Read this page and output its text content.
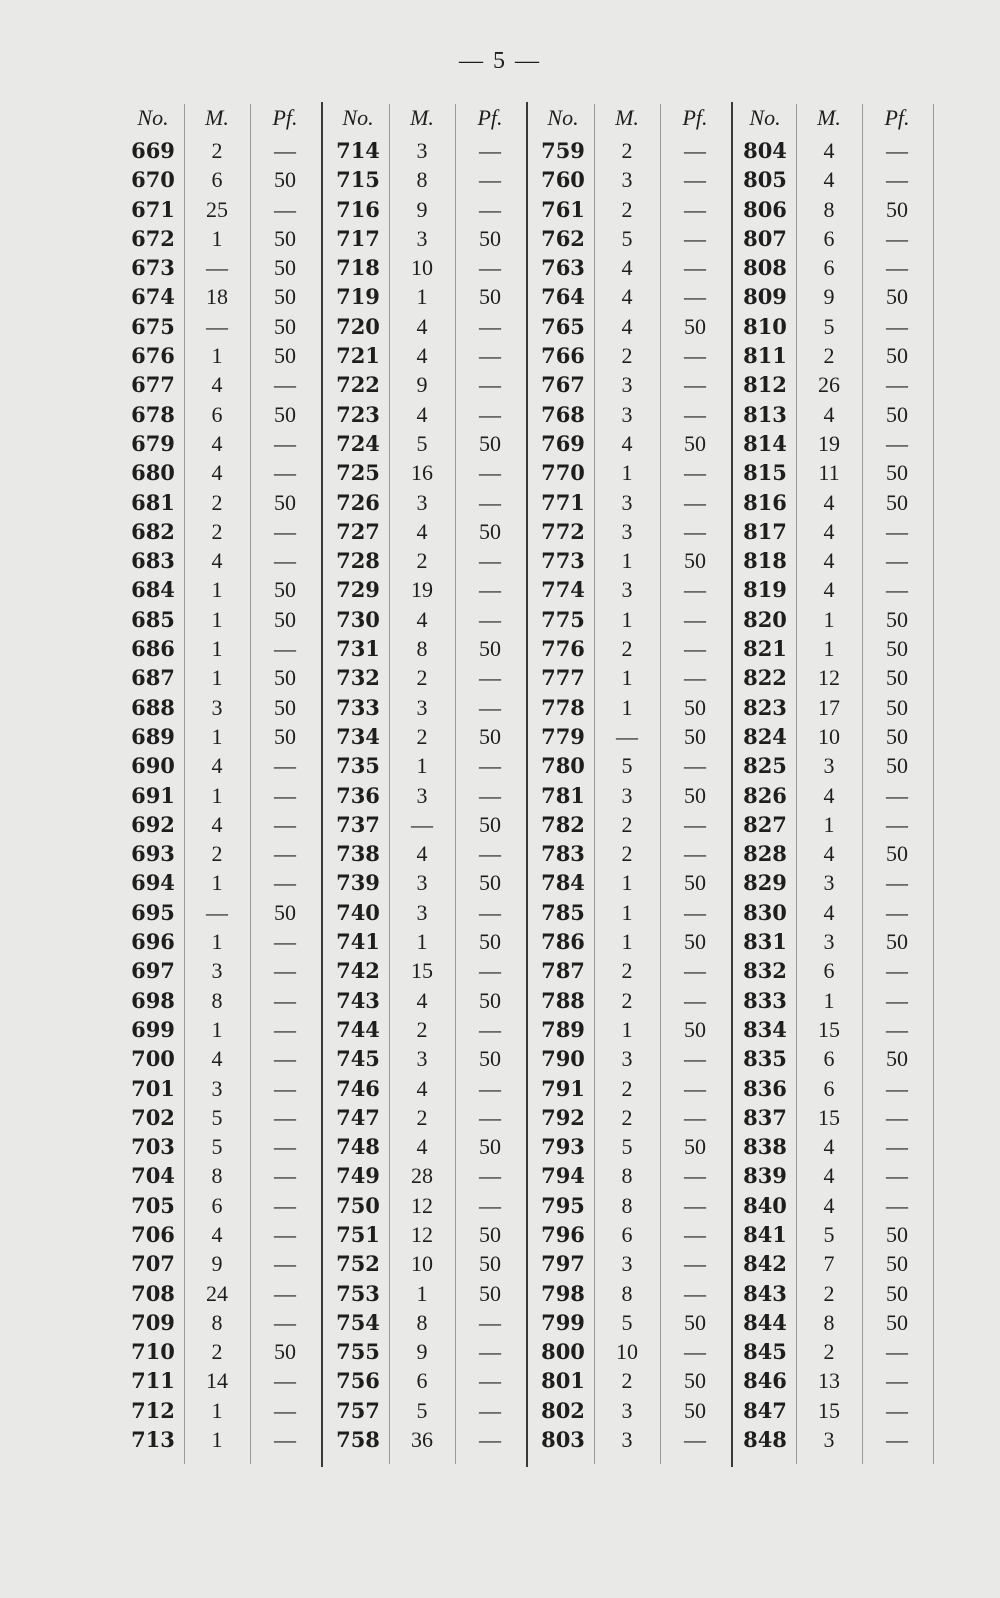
— 5 —
No.	M.	Pf.
669	2	—
670	6	50
671	25	—
672	1	50
673	—	50
674	18	50
675	—	50
676	1	50
677	4	—
678	6	50
679	4	—
680	4	—
681	2	50
682	2	—
683	4	—
684	1	50
685	1	50
686	1	—
687	1	50
688	3	50
689	1	50
690	4	—
691	1	—
692	4	—
693	2	—
694	1	—
695	—	50
696	1	—
697	3	—
698	8	—
699	1	—
700	4	—
701	3	—
702	5	—
703	5	—
704	8	—
705	6	—
706	4	—
707	9	—
708	24	—
709	8	—
710	2	50
711	14	—
712	1	—
713	1	—
No.	M.	Pf.
714	3	—
715	8	—
716	9	—
717	3	50
718	10	—
719	1	50
720	4	—
721	4	—
722	9	—
723	4	—
724	5	50
725	16	—
726	3	—
727	4	50
728	2	—
729	19	—
730	4	—
731	8	50
732	2	—
733	3	—
734	2	50
735	1	—
736	3	—
737	—	50
738	4	—
739	3	50
740	3	—
741	1	50
742	15	—
743	4	50
744	2	—
745	3	50
746	4	—
747	2	—
748	4	50
749	28	—
750	12	—
751	12	50
752	10	50
753	1	50
754	8	—
755	9	—
756	6	—
757	5	—
758	36	—
No.	M.	Pf.
759	2	—
760	3	—
761	2	—
762	5	—
763	4	—
764	4	—
765	4	50
766	2	—
767	3	—
768	3	—
769	4	50
770	1	—
771	3	—
772	3	—
773	1	50
774	3	—
775	1	—
776	2	—
777	1	—
778	1	50
779	—	50
780	5	—
781	3	50
782	2	—
783	2	—
784	1	50
785	1	—
786	1	50
787	2	—
788	2	—
789	1	50
790	3	—
791	2	—
792	2	—
793	5	50
794	8	—
795	8	—
796	6	—
797	3	—
798	8	—
799	5	50
800	10	—
801	2	50
802	3	50
803	3	—
No.	M.	Pf.
804	4	—
805	4	—
806	8	50
807	6	—
808	6	—
809	9	50
810	5	—
811	2	50
812	26	—
813	4	50
814	19	—
815	11	50
816	4	50
817	4	—
818	4	—
819	4	—
820	1	50
821	1	50
822	12	50
823	17	50
824	10	50
825	3	50
826	4	—
827	1	—
828	4	50
829	3	—
830	4	—
831	3	50
832	6	—
833	1	—
834	15	—
835	6	50
836	6	—
837	15	—
838	4	—
839	4	—
840	4	—
841	5	50
842	7	50
843	2	50
844	8	50
845	2	—
846	13	—
847	15	—
848	3	—
